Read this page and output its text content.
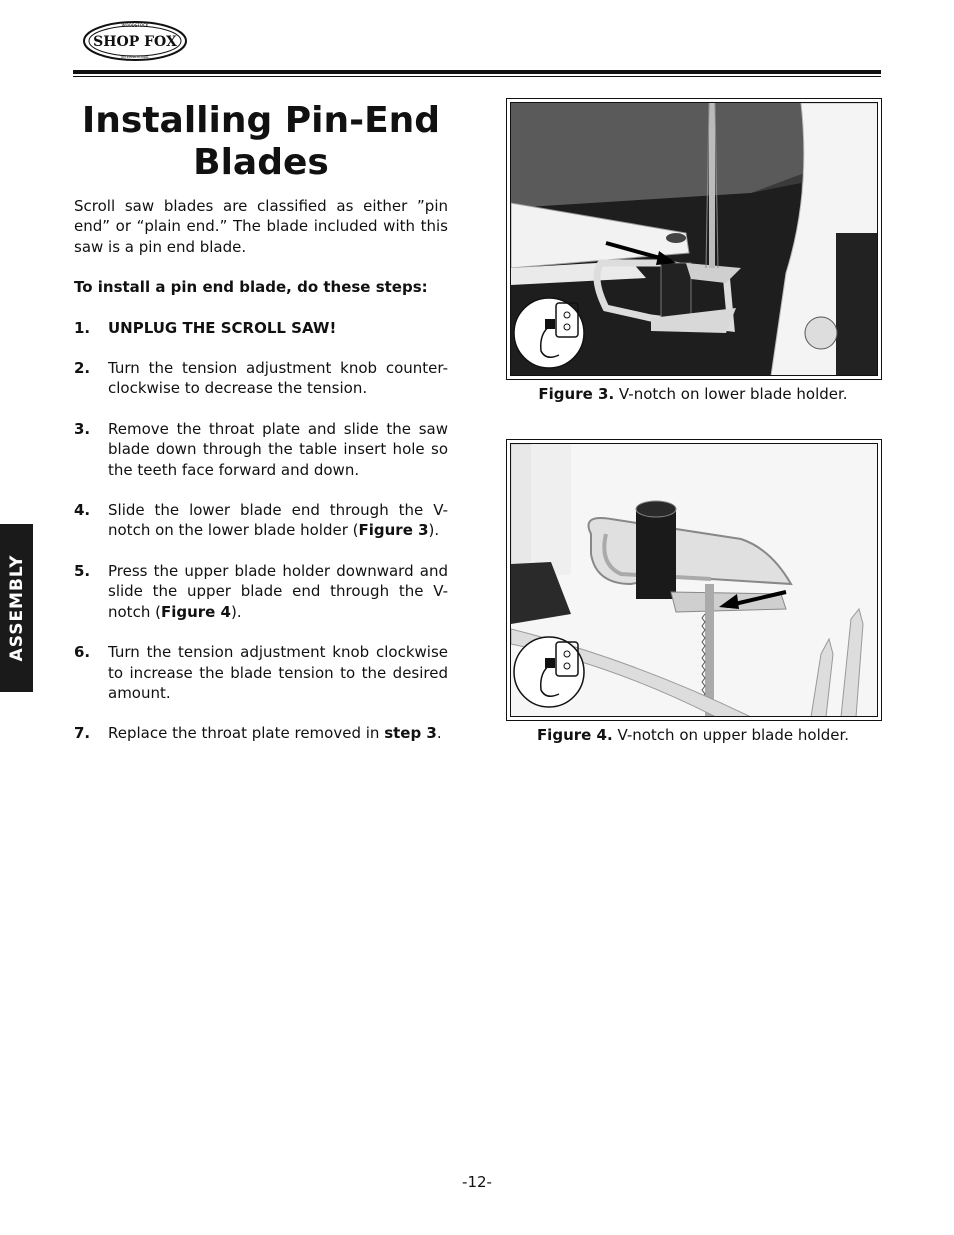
WOODSTOCK
SHOP FOX
INTERNATIONAL
Installing Pin-End
Blades

Scroll saw blades are classified as either ”pin end” or “plain end.” The blade included with this saw is a pin end blade.

To install a pin end blade, do these steps:

1.	UNPLUG THE SCROLL SAW!
2.	Turn the tension adjustment knob counter-clockwise to decrease the tension.
3.	Remove the throat plate and slide the saw blade down through the table insert hole so the teeth face forward and down.
4.	Slide the lower blade end through the V-notch on the lower blade holder (Figure 3).
5.	Press the upper blade holder downward and slide the upper blade end through the V-notch (Figure 4).
6.	Turn the tension adjustment knob clockwise to increase the blade tension to the desired amount.
7.	Replace the throat plate removed in step 3.
ASSEMBLY
Figure 3. V-notch on lower blade holder.
Figure 4. V-notch on upper blade holder.
-12-
